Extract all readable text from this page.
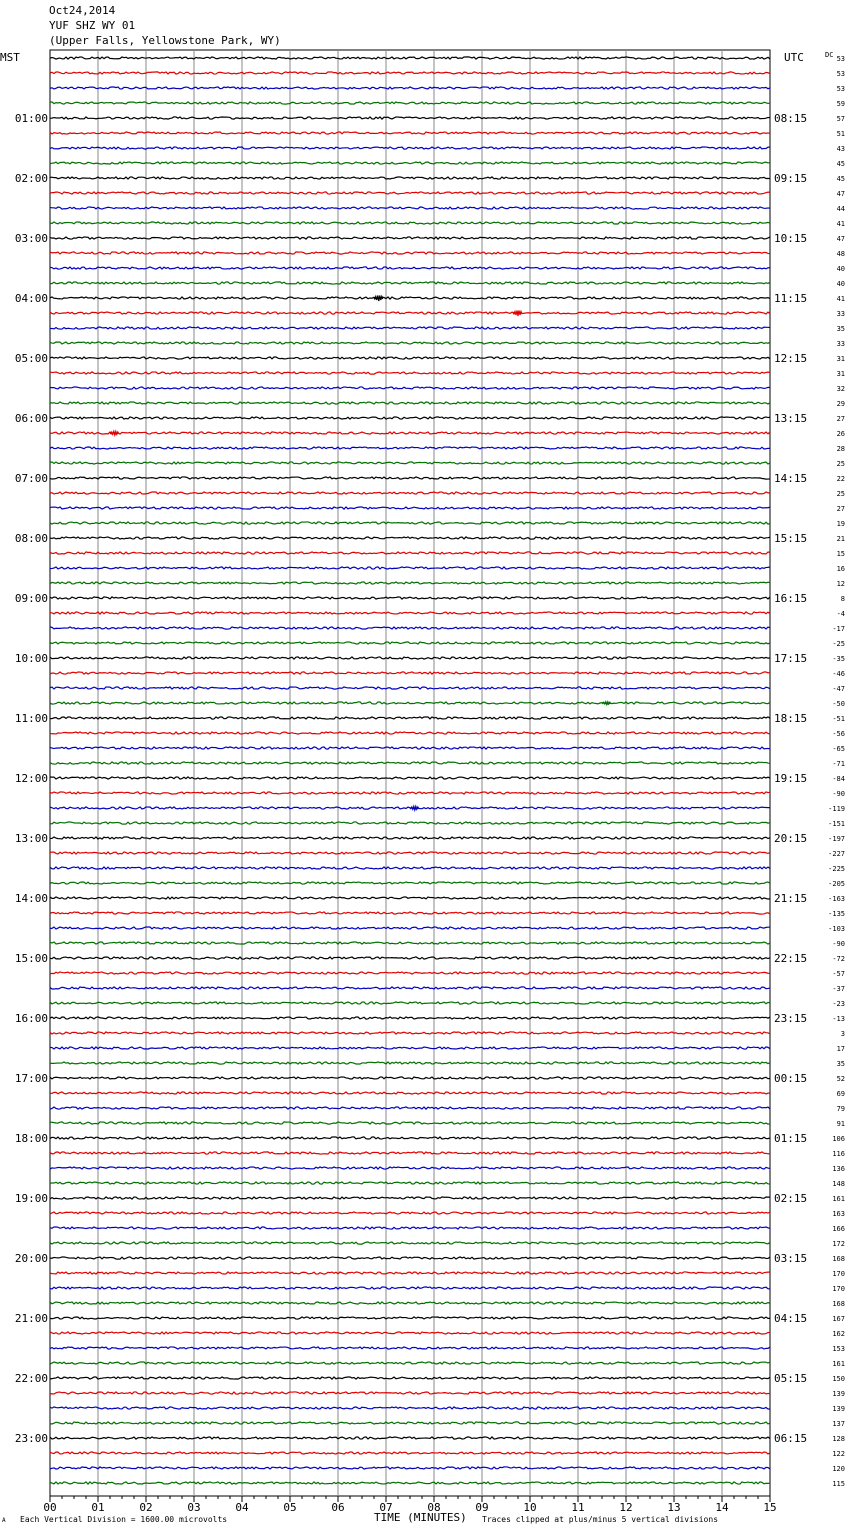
Oct24,2014
YUF SHZ WY 01
(Upper Falls, Yellowstone Park, WY)
MST	UTC	DC
01:00
02:00
03:00
04:00
05:00
06:00
07:00
08:00
09:00
10:00
11:00
12:00
13:00
14:00
15:00
16:00
17:00
18:00
19:00
20:00
21:00
22:00
23:00
08:15
09:15
10:15
11:15
12:15
13:15
14:15
15:15
16:15
17:15
18:15
19:15
20:15
21:15
22:15
23:15
00:15
01:15
02:15
03:15
04:15
05:15
06:15
53
53
53
59
57
51
43
45
45
47
44
41
47
48
40
40
41
33
35
33
31
31
32
29
27
26
28
25
22
25
27
19
21
15
16
12
8
-4
-17
-25
-35
-46
-47
-50
-51
-56
-65
-71
-84
-90
-119
-151
-197
-227
-225
-205
-163
-135
-103
-90
-72
-57
-37
-23
-13
3
17
35
52
69
79
91
106
116
136
148
161
163
166
172
168
170
170
168
167
162
153
161
150
139
139
137
128
122
120
115
00	01	02	03	04	05	06	07	08	09	10	11	12	13	14	15
A Each Vertical Division = 1600.00 microvolts	TIME (MINUTES) Traces clipped at plus/minus 5 vertical divisions
